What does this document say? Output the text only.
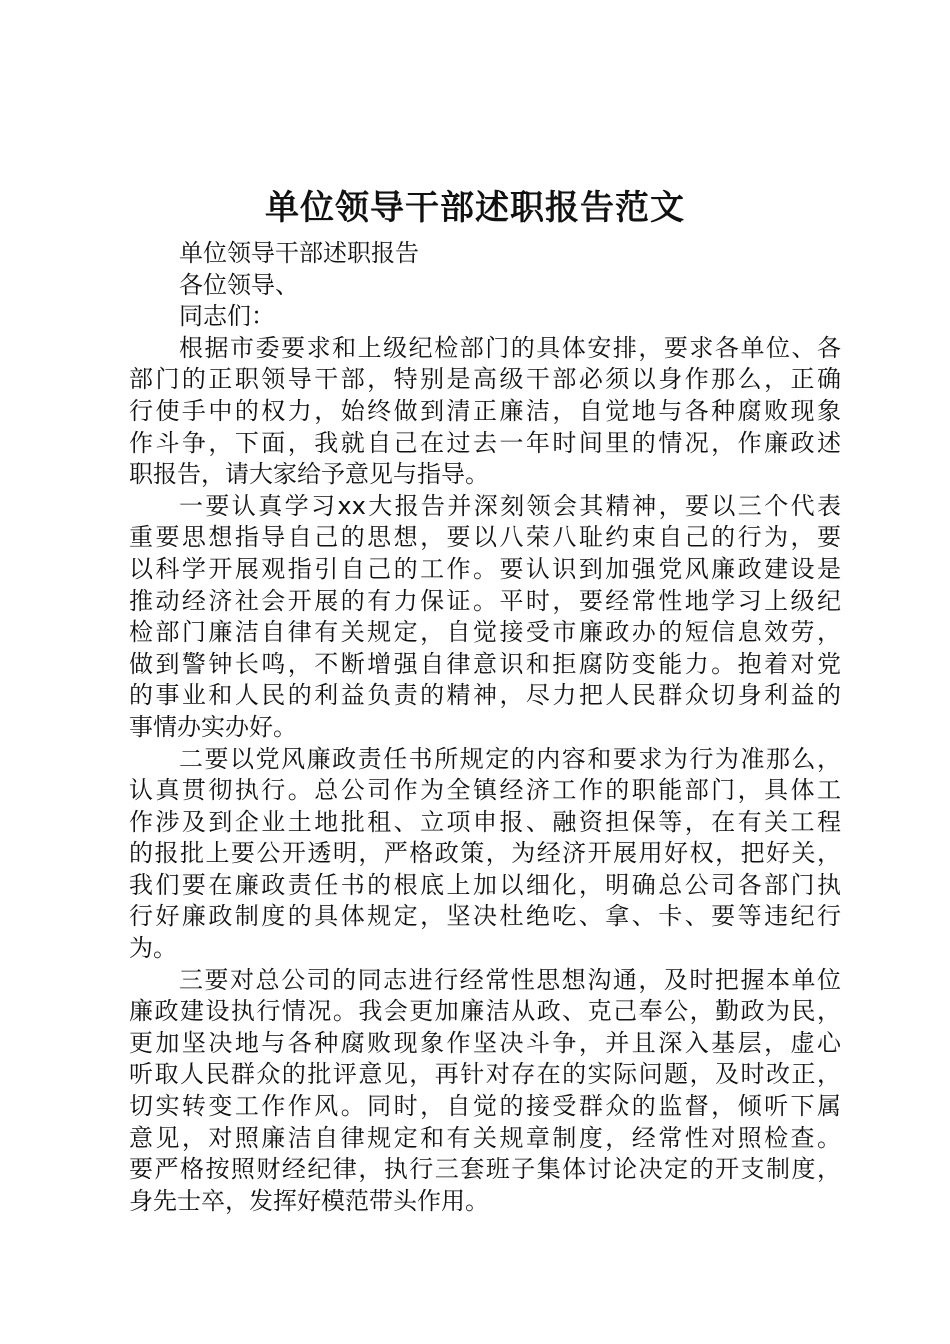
单位领导干部述职报告范文
单位领导干部述职报告
各位领导、
同志们：
根据市委要求和上级纪检部门的具体安排，要求各单位、各
部门的正职领导干部，特别是高级干部必须以身作那么，正确
行使手中的权力，始终做到清正廉洁，自觉地与各种腐败现象
作斗争，下面，我就自己在过去一年时间里的情况，作廉政述
职报告，请大家给予意见与指导。
一要认真学习xx大报告并深刻领会其精神，要以三个代表
重要思想指导自己的思想，要以八荣八耻约束自己的行为，要
以科学开展观指引自己的工作。要认识到加强党风廉政建设是
推动经济社会开展的有力保证。平时，要经常性地学习上级纪
检部门廉洁自律有关规定，自觉接受市廉政办的短信息效劳，
做到警钟长鸣，不断增强自律意识和拒腐防变能力。抱着对党
的事业和人民的利益负责的精神，尽力把人民群众切身利益的
事情办实办好。
二要以党风廉政责任书所规定的内容和要求为行为准那么，
认真贯彻执行。总公司作为全镇经济工作的职能部门，具体工
作涉及到企业土地批租、立项申报、融资担保等，在有关工程
的报批上要公开透明，严格政策，为经济开展用好权，把好关，
我们要在廉政责任书的根底上加以细化，明确总公司各部门执
行好廉政制度的具体规定，坚决杜绝吃、拿、卡、要等违纪行
为。
三要对总公司的同志进行经常性思想沟通，及时把握本单位
廉政建设执行情况。我会更加廉洁从政、克己奉公，勤政为民，
更加坚决地与各种腐败现象作坚决斗争，并且深入基层，虚心
听取人民群众的批评意见，再针对存在的实际问题，及时改正，
切实转变工作作风。同时，自觉的接受群众的监督，倾听下属
意见，对照廉洁自律规定和有关规章制度，经常性对照检查。
要严格按照财经纪律，执行三套班子集体讨论决定的开支制度，
身先士卒，发挥好模范带头作用。
